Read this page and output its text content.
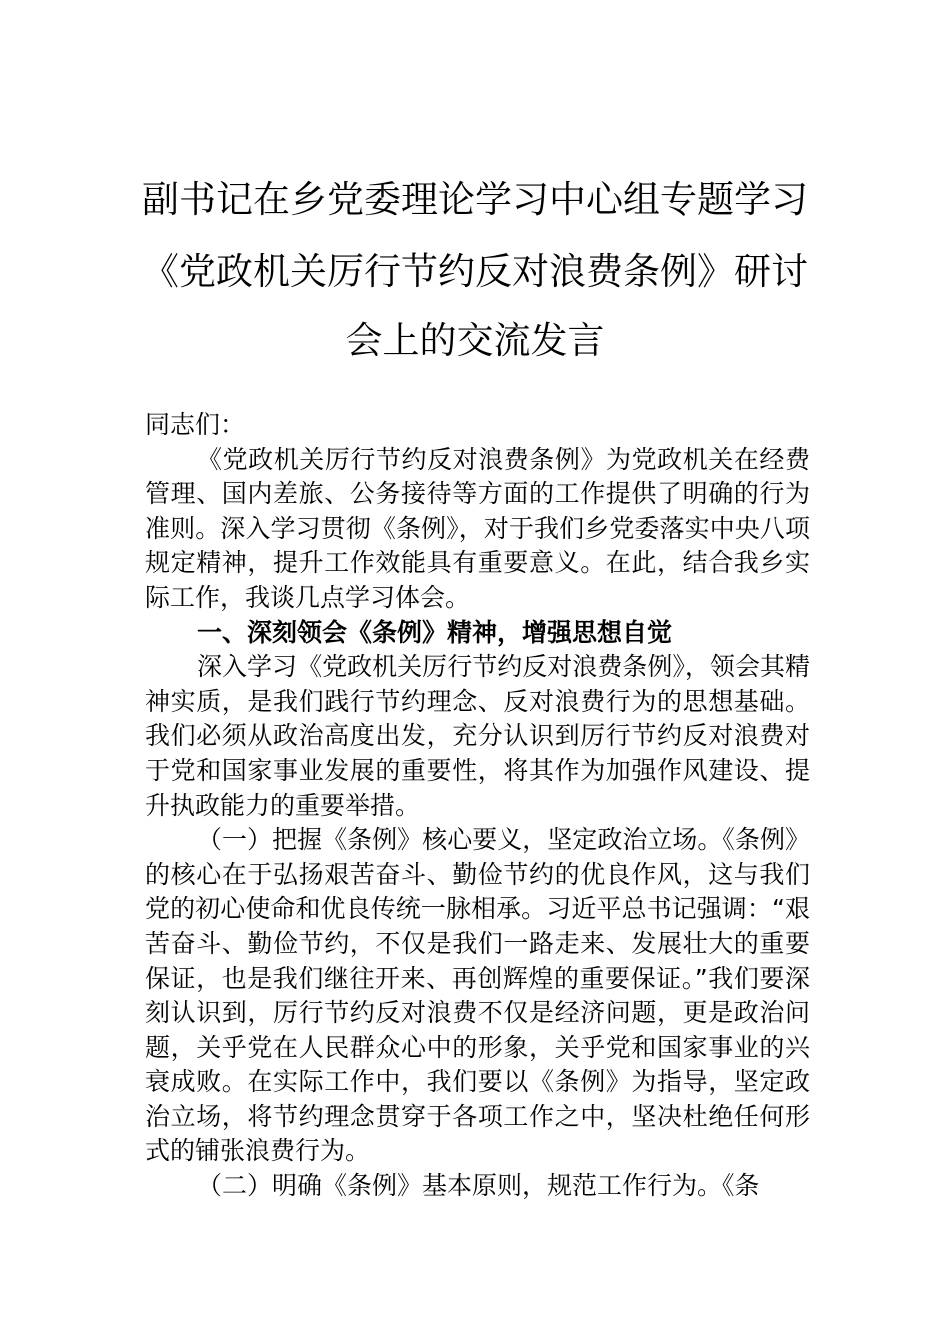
副书记在乡党委理论学习中心组专题学习
《党政机关厉行节约反对浪费条例》研讨
会上的交流发言

同志们：

《党政机关厉行节约反对浪费条例》为党政机关在经费管理、国内差旅、公务接待等方面的工作提供了明确的行为准则。深入学习贯彻《条例》，对于我们乡党委落实中央八项规定精神，提升工作效能具有重要意义。在此，结合我乡实际工作，我谈几点学习体会。

一、深刻领会《条例》精神，增强思想自觉

深入学习《党政机关厉行节约反对浪费条例》，领会其精神实质，是我们践行节约理念、反对浪费行为的思想基础。我们必须从政治高度出发，充分认识到厉行节约反对浪费对于党和国家事业发展的重要性，将其作为加强作风建设、提升执政能力的重要举措。

（一）把握《条例》核心要义，坚定政治立场。《条例》的核心在于弘扬艰苦奋斗、勤俭节约的优良作风，这与我们党的初心使命和优良传统一脉相承。习近平总书记强调：“艰苦奋斗、勤俭节约，不仅是我们一路走来、发展壮大的重要保证，也是我们继往开来、再创辉煌的重要保证。”我们要深刻认识到，厉行节约反对浪费不仅是经济问题，更是政治问题，关乎党在人民群众心中的形象，关乎党和国家事业的兴衰成败。在实际工作中，我们要以《条例》为指导，坚定政治立场，将节约理念贯穿于各项工作之中，坚决杜绝任何形式的铺张浪费行为。

（二）明确《条例》基本原则，规范工作行为。《条
